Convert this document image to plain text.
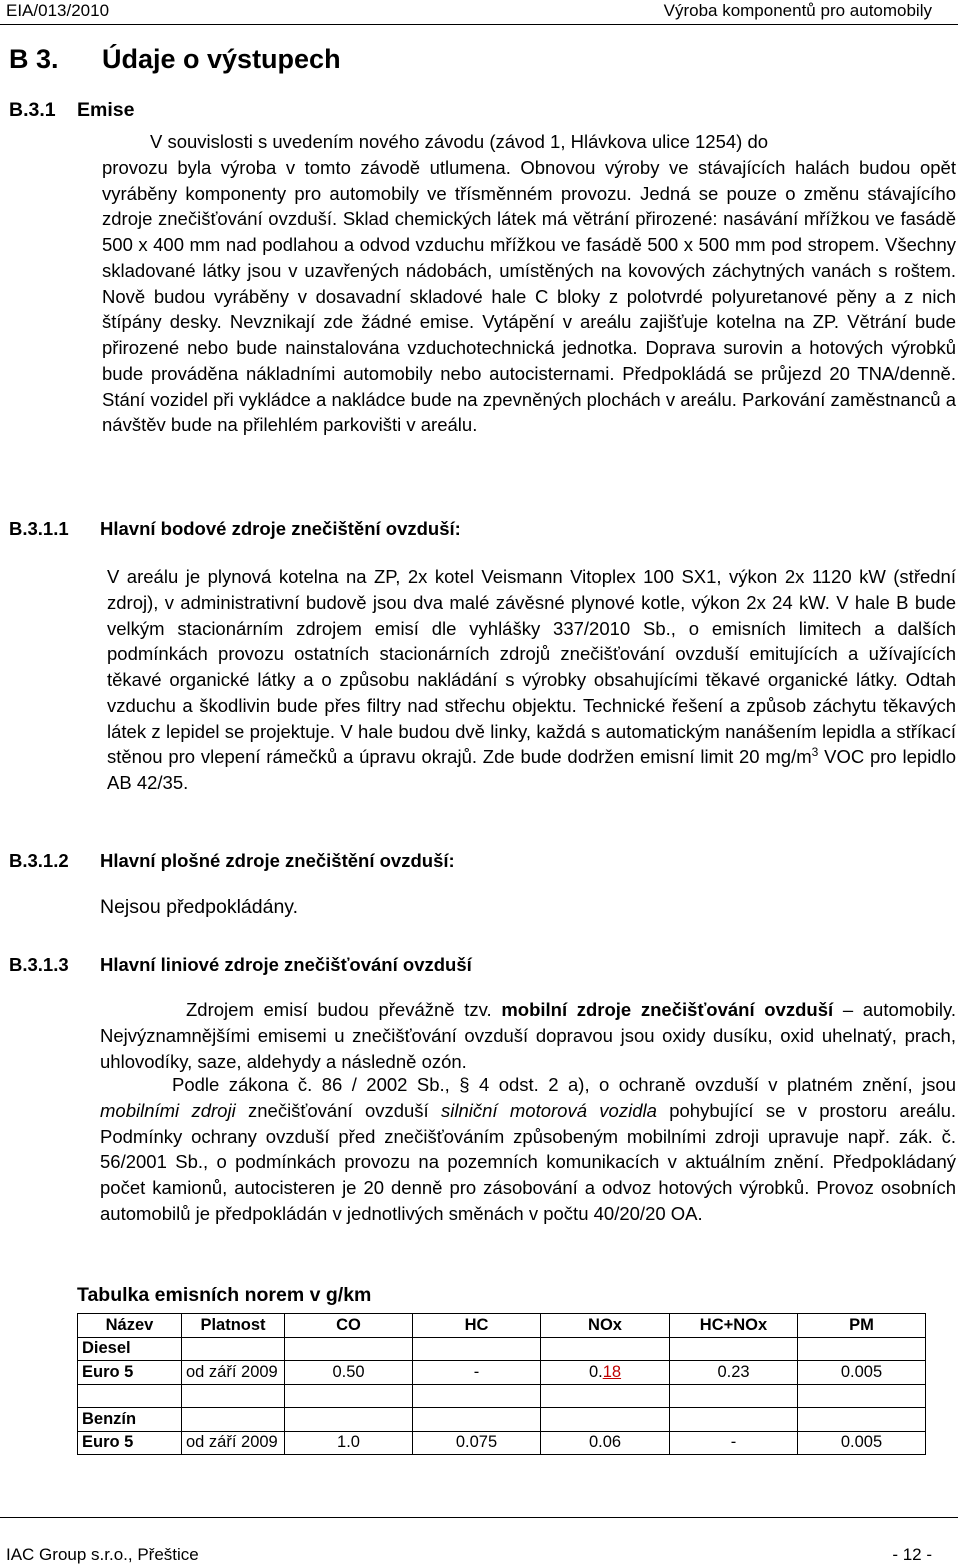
EIA/013/2010	Výroba komponentů pro automobily
B 3. Údaje o výstupech
B.3.1 Emise
V souvislosti s uvedením nového závodu (závod 1, Hlávkova ulice 1254) do
provozu byla výroba v tomto závodě utlumena. Obnovou výroby ve stávajících halách budou opět vyráběny komponenty pro automobily ve třísměnném provozu. Jedná se pouze o změnu stávajícího zdroje znečišťování ovzduší. Sklad chemických látek má větrání přirozené: nasávání mřížkou ve fasádě 500 x 400 mm nad podlahou a odvod vzduchu mřížkou ve fasádě 500 x 500 mm pod stropem. Všechny skladované látky jsou v uzavřených nádobách, umístěných na kovových záchytných vanách s roštem. Nově budou vyráběny v dosavadní skladové hale C bloky z polotvrdé polyuretanové pěny a z nich štípány desky. Nevznikají zde žádné emise. Vytápění v areálu zajišťuje kotelna na ZP. Větrání bude přirozené nebo bude nainstalována vzduchotechnická jednotka. Doprava surovin a hotových výrobků bude prováděna nákladními automobily nebo autocisternami. Předpokládá se průjezd 20 TNA/denně. Stání vozidel při vykládce a nakládce bude na zpevněných plochách v areálu. Parkování zaměstnanců a návštěv bude na přilehlém parkovišti v areálu.
B.3.1.1 Hlavní bodové zdroje znečištění ovzduší:
V areálu je plynová kotelna na ZP, 2x kotel Veismann Vitoplex 100 SX1, výkon 2x 1120 kW (střední zdroj), v administrativní budově jsou dva malé závěsné plynové kotle, výkon 2x 24 kW. V hale B bude velkým stacionárním zdrojem emisí dle vyhlášky 337/2010 Sb., o emisních limitech a dalších podmínkách provozu ostatních stacionárních zdrojů znečišťování ovzduší emitujících a užívajících těkavé organické látky a o způsobu nakládání s výrobky obsahujícími těkavé organické látky. Odtah vzduchu a škodlivin bude přes filtry nad střechu objektu. Technické řešení a způsob záchytu těkavých látek z lepidel se projektuje. V hale budou dvě linky, každá s automatickým nanášením lepidla a stříkací stěnou pro vlepení rámečků a úpravu okrajů. Zde bude dodržen emisní limit 20 $mg/m^3$ VOC pro lepidlo AB 42/35.
B.3.1.2 Hlavní plošné zdroje znečištění ovzduší:
Nejsou předpokládány.
B.3.1.3 Hlavní liniové zdroje znečišťování ovzduší
Zdrojem emisí budou převážně tzv. mobilní zdroje znečišťování ovzduší – automobily. Nejvýznamnějšími emisemi u znečišťování ovzduší dopravou jsou oxidy dusíku, oxid uhelnatý, prach, uhlovodíky, saze, aldehydy a následně ozón.
Podle zákona č. 86 / 2002 Sb., § 4 odst. 2 a), o ochraně ovzduší v platném znění, jsou mobilními zdroji znečišťování ovzduší silniční motorová vozidla pohybující se v prostoru areálu. Podmínky ochrany ovzduší před znečišťováním způsobeným mobilními zdroji upravuje např. zák. č. 56/2001 Sb., o podmínkách provozu na pozemních komunikacích v aktuálním znění. Předpokládaný počet kamionů, autocisteren je 20 denně pro zásobování a odvoz hotových výrobků. Provoz osobních automobilů je předpokládán v jednotlivých směnách v počtu 40/20/20 OA.
Tabulka emisních norem v g/km
Název	Platnost	CO	HC	NOx	HC+NOx	PM
Diesel						
Euro 5	od září 2009	0.50	-	0.18	0.23	0.005

Benzín						
Euro 5	od září 2009	1.0	0.075	0.06	-	0.005
IAC Group s.r.o., Přeštice	- 12 -
